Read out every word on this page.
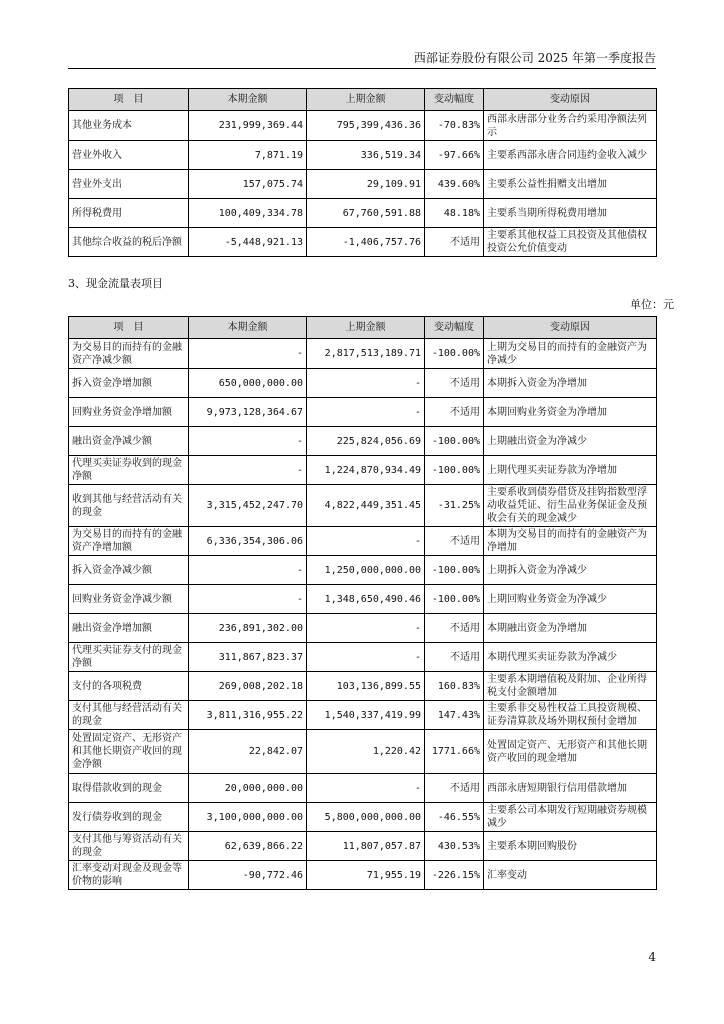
西部证券股份有限公司 2025 年第一季度报告
项　目	本期金额	上期金额	变动幅度	变动原因
其他业务成本	231,999,369.44	795,399,436.36	-70.83%	西部永唐部分业务合约采用净额法列示
营业外收入	7,871.19	336,519.34	-97.66%	主要系西部永唐合同违约金收入减少
营业外支出	157,075.74	29,109.91	439.60%	主要系公益性捐赠支出增加
所得税费用	100,409,334.78	67,760,591.88	48.18%	主要系当期所得税费用增加
其他综合收益的税后净额	-5,448,921.13	-1,406,757.76	不适用	主要系其他权益工具投资及其他债权投资公允价值变动
3、现金流量表项目
单位：元
项　目	本期金额	上期金额	变动幅度	变动原因
为交易目的而持有的金融资产净减少额	-	2,817,513,189.71	-100.00%	上期为交易目的而持有的金融资产为净减少
拆入资金净增加额	650,000,000.00	-	不适用	本期拆入资金为净增加
回购业务资金净增加额	9,973,128,364.67	-	不适用	本期回购业务资金为净增加
融出资金净减少额	-	225,824,056.69	-100.00%	上期融出资金为净减少
代理买卖证券收到的现金净额	-	1,224,870,934.49	-100.00%	上期代理买卖证券款为净增加
收到其他与经营活动有关的现金	3,315,452,247.70	4,822,449,351.45	-31.25%	主要系收到债券借贷及挂钩指数型浮动收益凭证、衍生品业务保证金及预收会有关的现金减少
为交易目的而持有的金融资产净增加额	6,336,354,306.06	-	不适用	本期为交易目的而持有的金融资产为净增加
拆入资金净减少额	-	1,250,000,000.00	-100.00%	上期拆入资金为净减少
回购业务资金净减少额	-	1,348,650,490.46	-100.00%	上期回购业务资金为净减少
融出资金净增加额	236,891,302.00	-	不适用	本期融出资金为净增加
代理买卖证券支付的现金净额	311,867,823.37	-	不适用	本期代理买卖证券款为净减少
支付的各项税费	269,008,202.18	103,136,899.55	160.83%	主要系本期增值税及附加、企业所得税支付金额增加
支付其他与经营活动有关的现金	3,811,316,955.22	1,540,337,419.99	147.43%	主要系非交易性权益工具投资规模、证券清算款及场外期权预付金增加
处置固定资产、无形资产和其他长期资产收回的现金净额	22,842.07	1,220.42	1771.66%	处置固定资产、无形资产和其他长期资产收回的现金增加
取得借款收到的现金	20,000,000.00	-	不适用	西部永唐短期银行信用借款增加
发行债券收到的现金	3,100,000,000.00	5,800,000,000.00	-46.55%	主要系公司本期发行短期融资券规模减少
支付其他与筹资活动有关的现金	62,639,866.22	11,807,057.87	430.53%	主要系本期回购股份
汇率变动对现金及现金等价物的影响	-90,772.46	71,955.19	-226.15%	汇率变动
4
